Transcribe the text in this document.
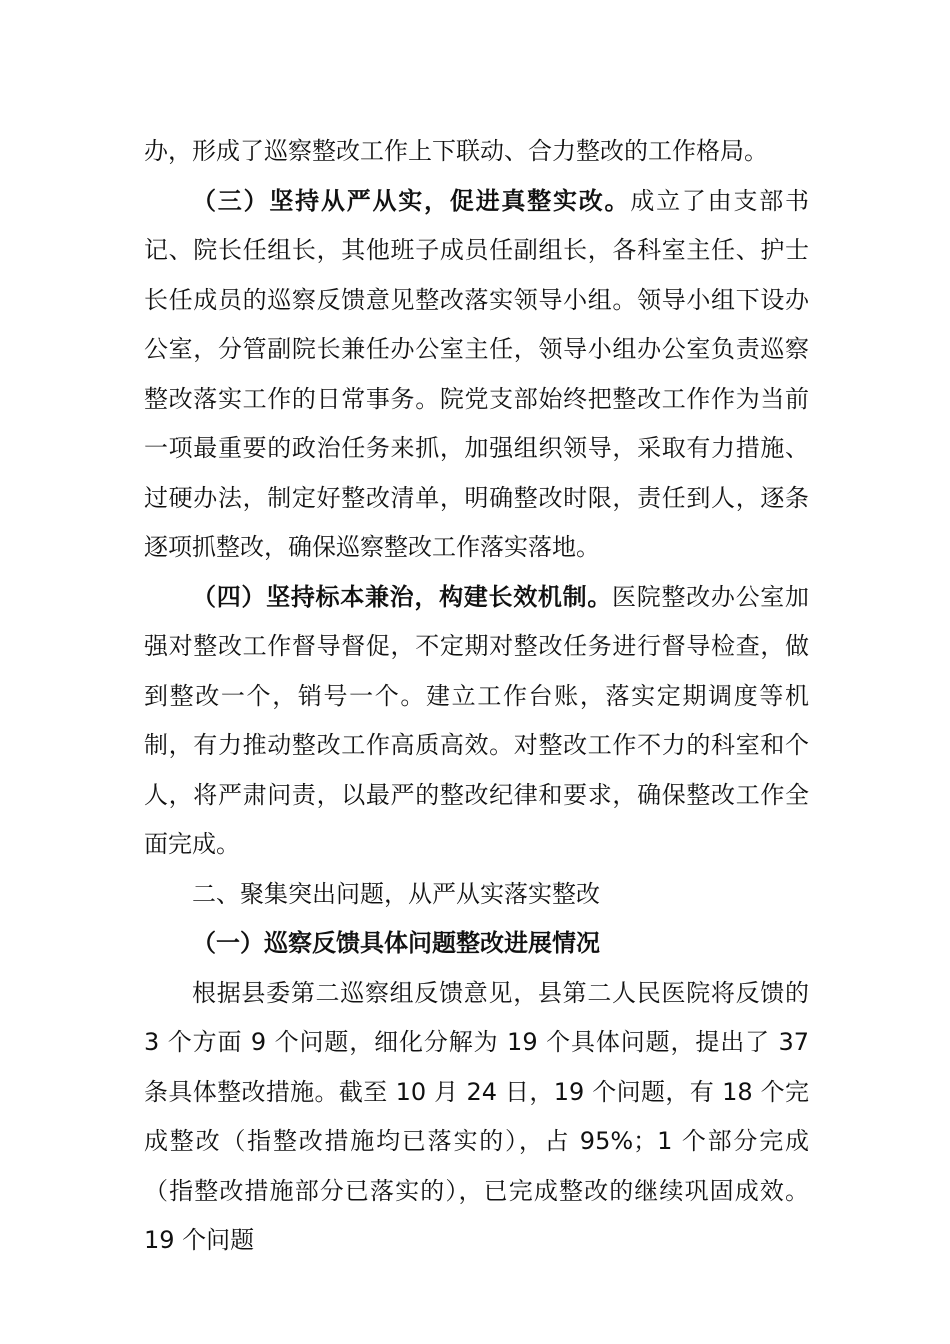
办，形成了巡察整改工作上下联动、合力整改的工作格局。

（三）坚持从严从实，促进真整实改。成立了由支部书记、院长任组长，其他班子成员任副组长，各科室主任、护士长任成员的巡察反馈意见整改落实领导小组。领导小组下设办公室，分管副院长兼任办公室主任，领导小组办公室负责巡察整改落实工作的日常事务。院党支部始终把整改工作作为当前一项最重要的政治任务来抓，加强组织领导，采取有力措施、过硬办法，制定好整改清单，明确整改时限，责任到人，逐条逐项抓整改，确保巡察整改工作落实落地。

（四）坚持标本兼治，构建长效机制。医院整改办公室加强对整改工作督导督促，不定期对整改任务进行督导检查，做到整改一个，销号一个。建立工作台账，落实定期调度等机制，有力推动整改工作高质高效。对整改工作不力的科室和个人，将严肃问责，以最严的整改纪律和要求，确保整改工作全面完成。

二、聚集突出问题，从严从实落实整改

（一）巡察反馈具体问题整改进展情况

根据县委第二巡察组反馈意见，县第二人民医院将反馈的 3 个方面 9 个问题，细化分解为 19 个具体问题，提出了 37 条具体整改措施。截至 10 月 24 日，19 个问题，有 18 个完成整改（指整改措施均已落实的），占 95%；1 个部分完成（指整改措施部分已落实的），已完成整改的继续巩固成效。19 个问题
